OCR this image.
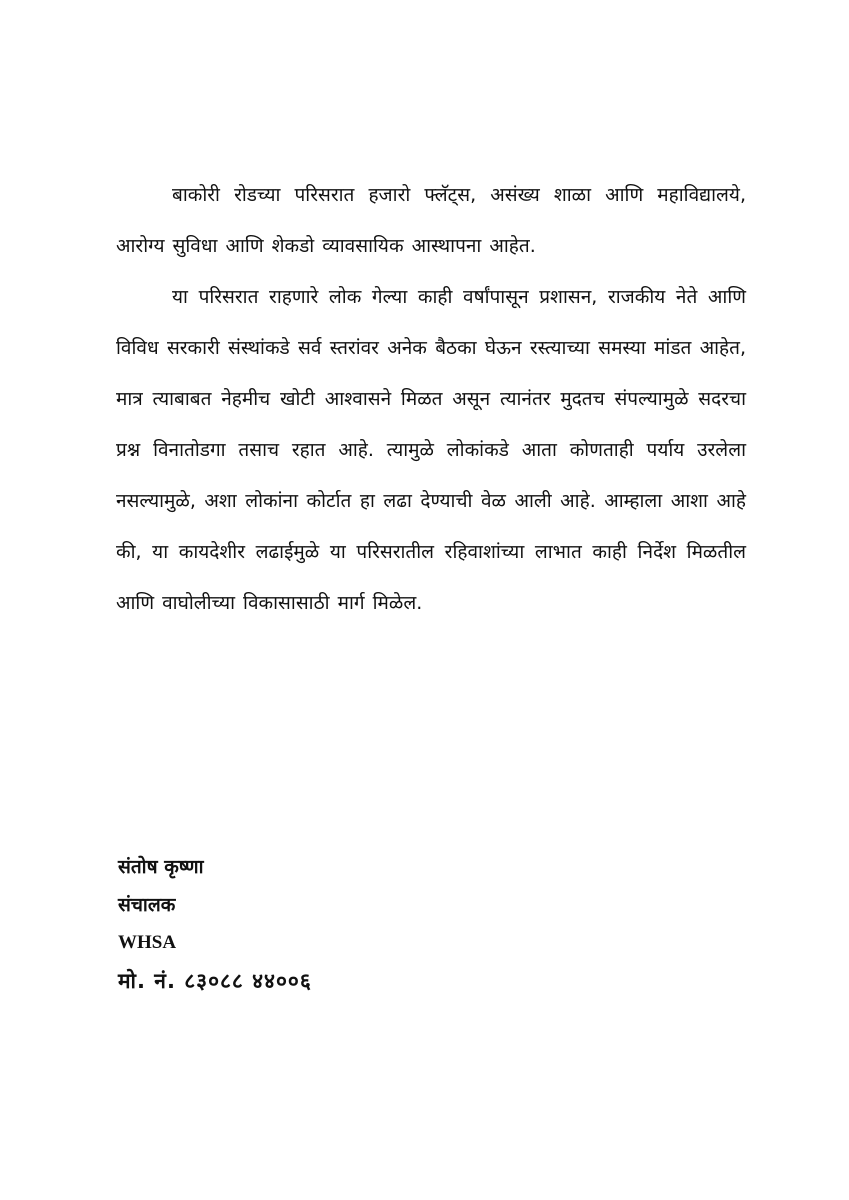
बाकोरी रोडच्या परिसरात हजारो फ्लॅट्स, असंख्य शाळा आणि महाविद्यालये, आरोग्य सुविधा आणि शेकडो व्यावसायिक आस्थापना आहेत.

या परिसरात राहणारे लोक गेल्या काही वर्षांपासून प्रशासन, राजकीय नेते आणि विविध सरकारी संस्थांकडे सर्व स्तरांवर अनेक बैठका घेऊन रस्त्याच्या समस्या मांडत आहेत, मात्र त्याबाबत नेहमीच खोटी आश्वासने मिळत असून त्यानंतर मुदतच संपल्यामुळे सदरचा प्रश्न विनातोडगा तसाच रहात आहे. त्यामुळे लोकांकडे आता कोणताही पर्याय उरलेला नसल्यामुळे, अशा लोकांना कोर्टात हा लढा देण्याची वेळ आली आहे. आम्हाला आशा आहे की, या कायदेशीर लढाईमुळे या परिसरातील रहिवाशांच्या लाभात काही निर्देश मिळतील आणि वाघोलीच्या विकासासाठी मार्ग मिळेल.

संतोष कृष्णा

संचालक

WHSA

मो. नं. ८३०८८ ४४००६
